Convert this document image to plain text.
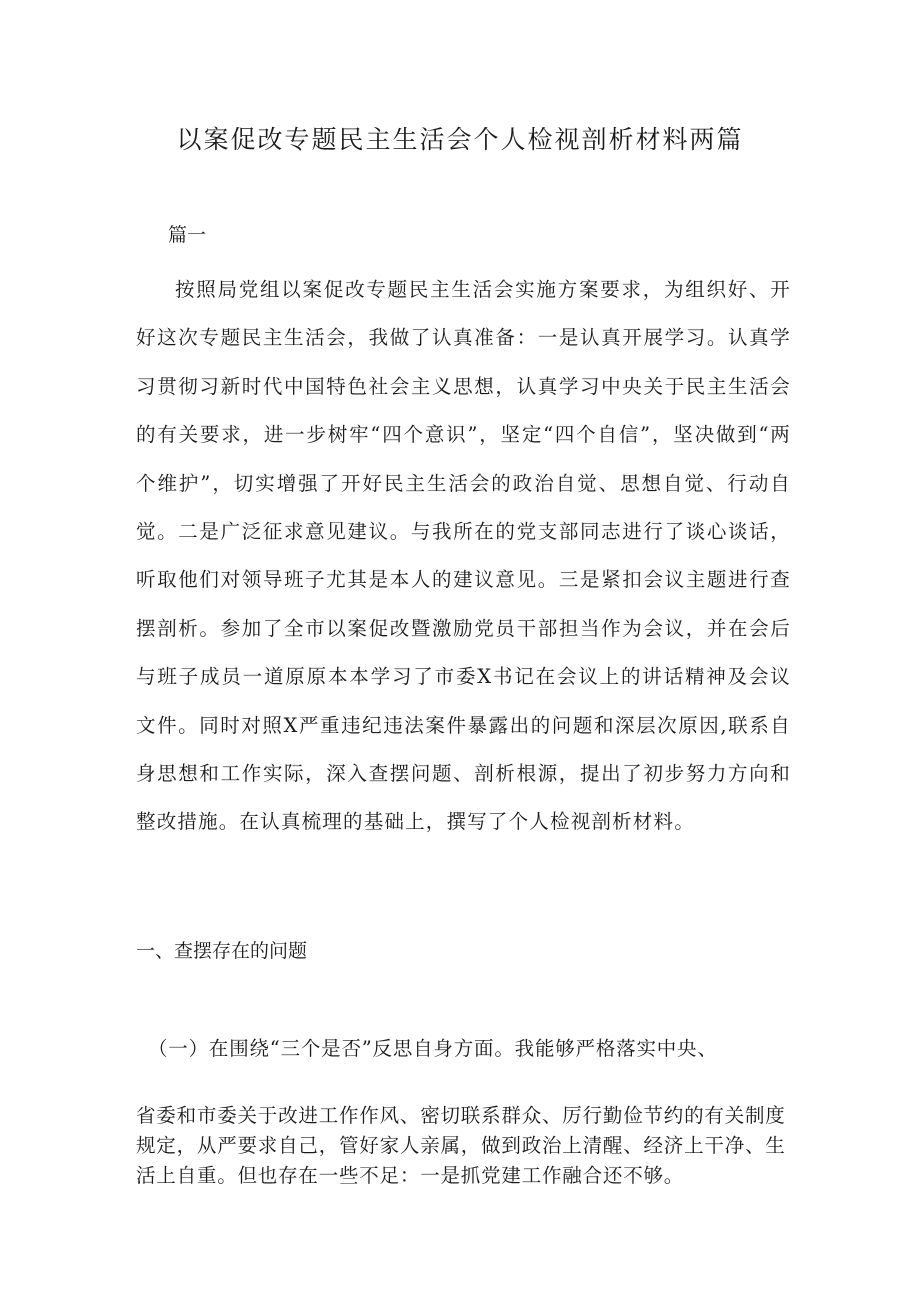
以案促改专题民主生活会个人检视剖析材料两篇

篇一

按照局党组以案促改专题民主生活会实施方案要求，为组织好、开好这次专题民主生活会，我做了认真准备：一是认真开展学习。认真学习贯彻习新时代中国特色社会主义思想，认真学习中央关于民主生活会的有关要求，进一步树牢“四个意识”，坚定“四个自信”，坚决做到“两个维护”，切实增强了开好民主生活会的政治自觉、思想自觉、行动自觉。二是广泛征求意见建议。与我所在的党支部同志进行了谈心谈话，听取他们对领导班子尤其是本人的建议意见。三是紧扣会议主题进行查摆剖析。参加了全市以案促改暨激励党员干部担当作为会议，并在会后与班子成员一道原原本本学习了市委X书记在会议上的讲话精神及会议文件。同时对照X严重违纪违法案件暴露出的问题和深层次原因,联系自身思想和工作实际，深入查摆问题、剖析根源，提出了初步努力方向和整改措施。在认真梳理的基础上，撰写了个人检视剖析材料。

一、查摆存在的问题
（一）在围绕“三个是否”反思自身方面。我能够严格落实中央、
省委和市委关于改进工作作风、密切联系群众、厉行勤俭节约的有关制度规定，从严要求自己，管好家人亲属，做到政治上清醒、经济上干净、生活上自重。但也存在一些不足：一是抓党建工作融合还不够。
